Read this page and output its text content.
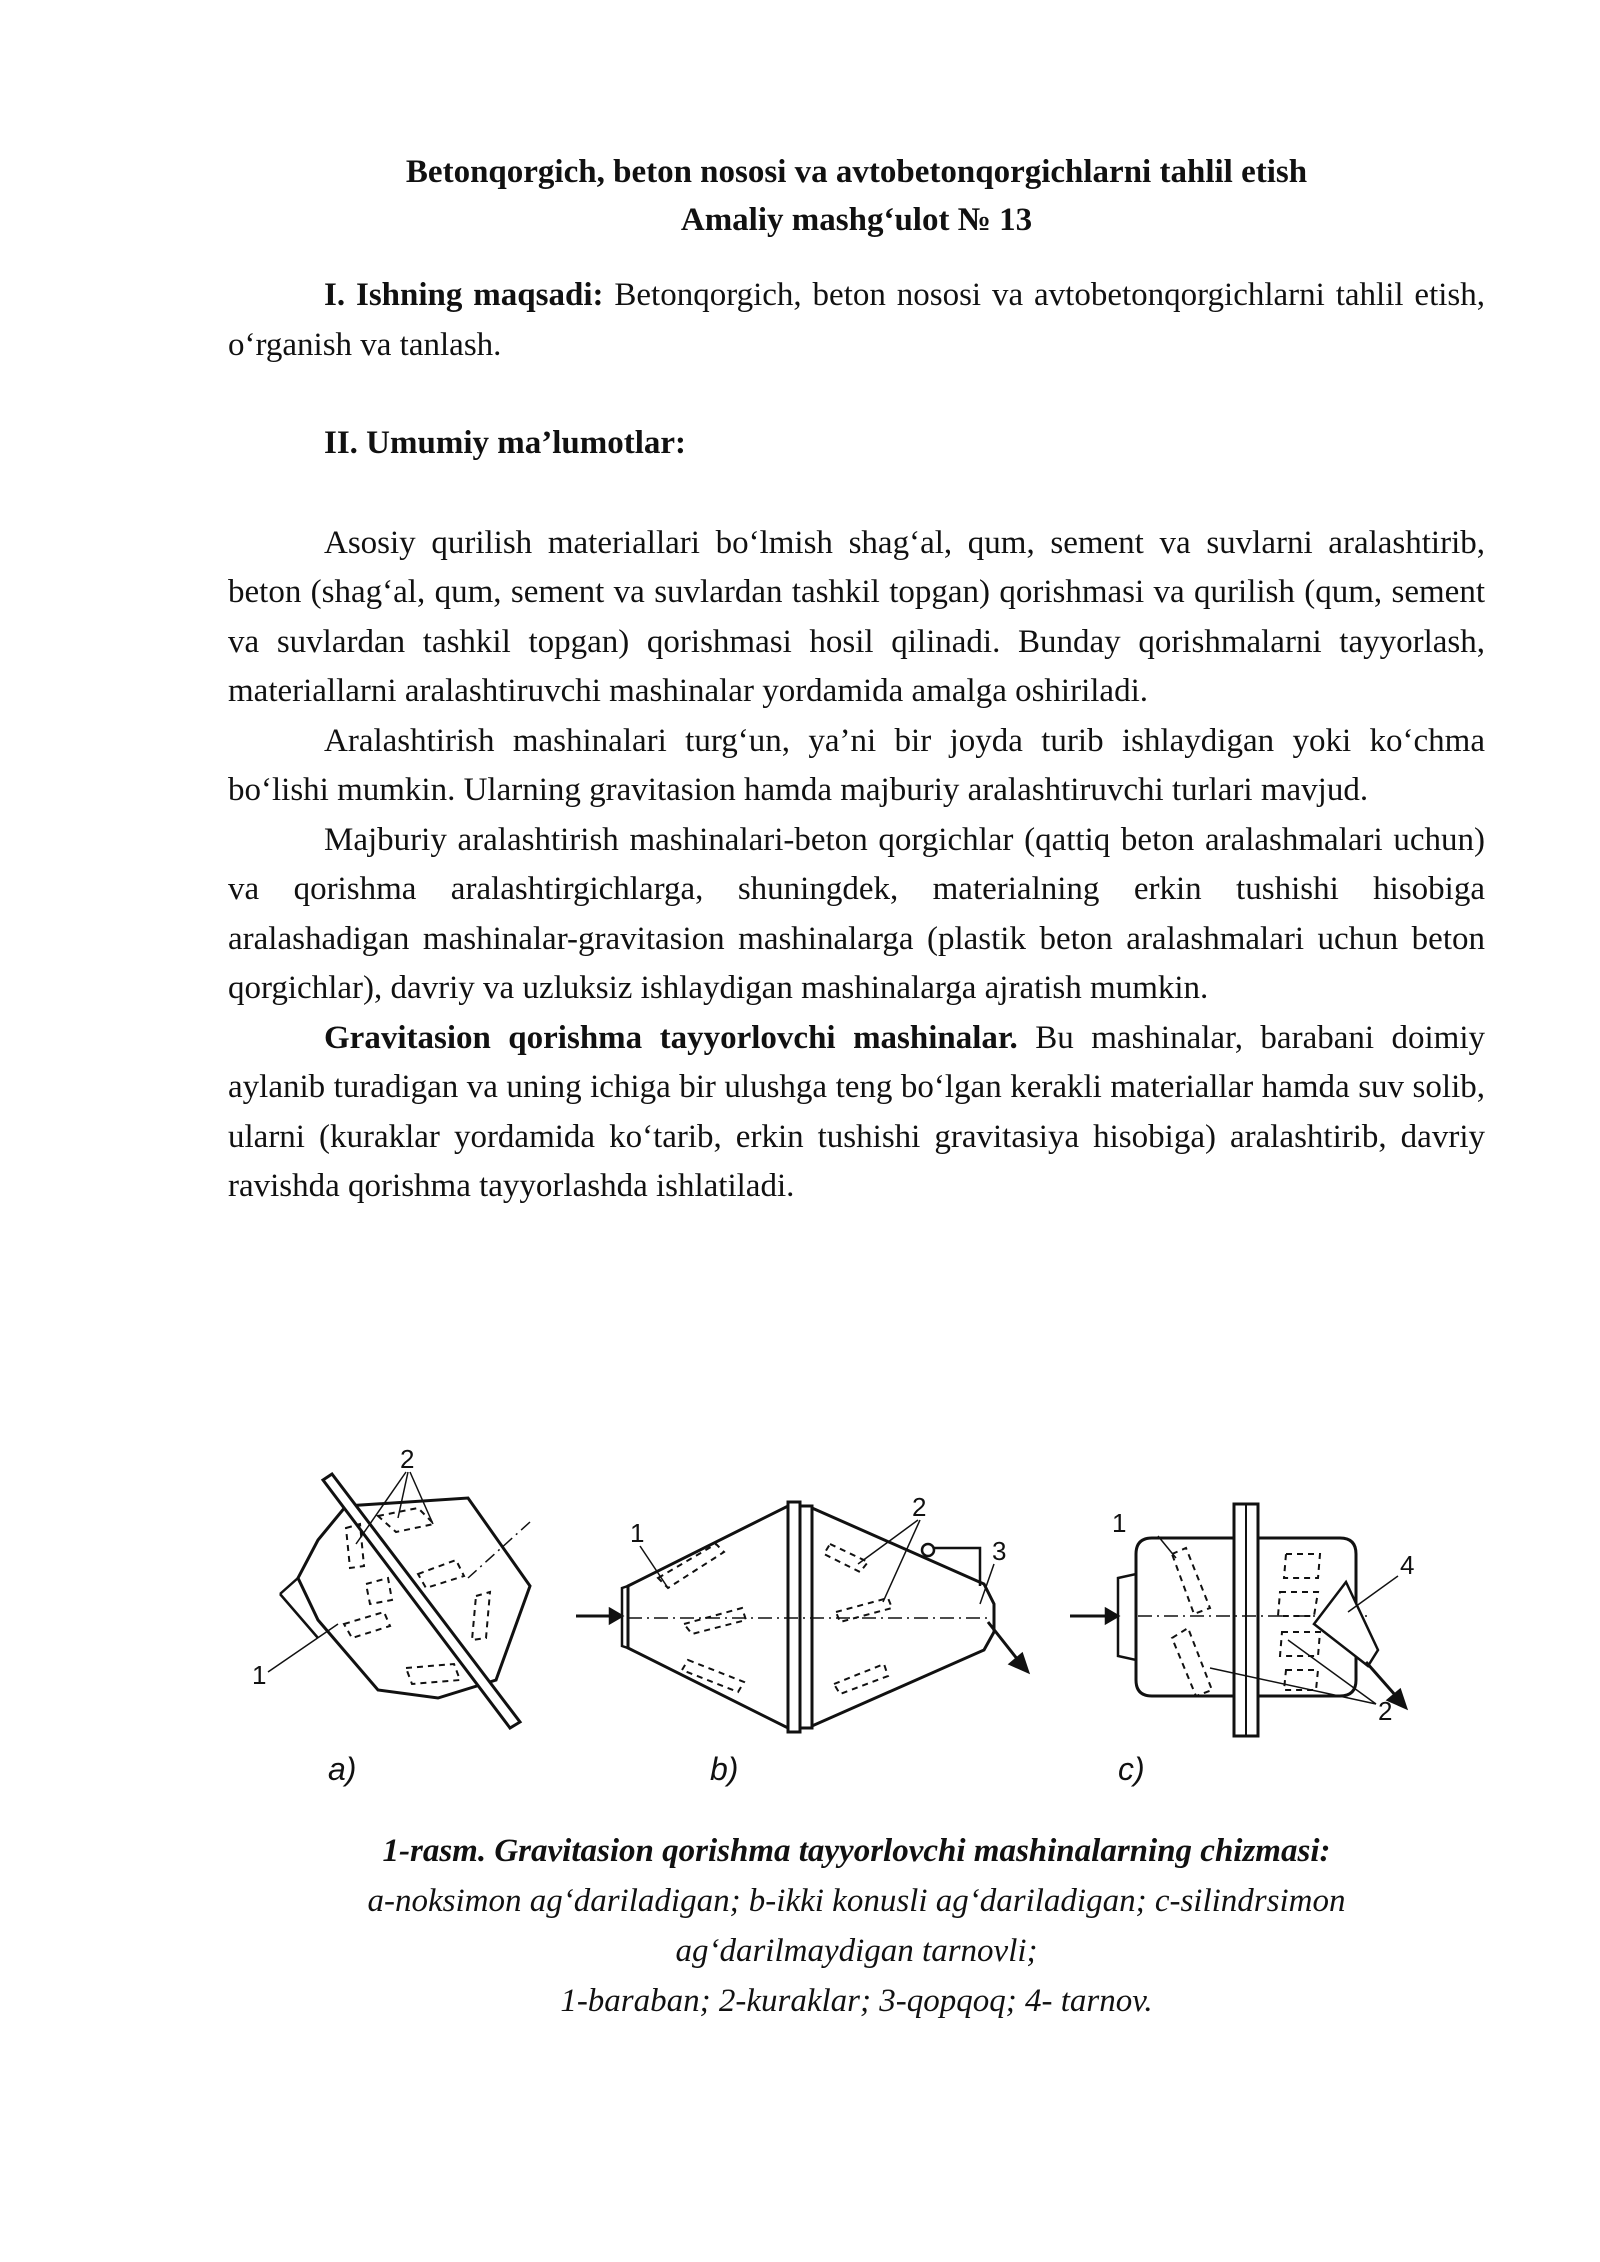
Betonqorgich, beton nososi va avtobetonqorgichlarni tahlil etish
Amaliy mashg‘ulot № 13

I. Ishning maqsadi: Betonqorgich, beton nososi va avtobetonqorgichlarni tahlil etish, o‘rganish va tanlash.

II. Umumiy ma’lumotlar:

Asosiy qurilish materiallari bo‘lmish shag‘al, qum, sement va suvlarni aralashtirib, beton (shag‘al, qum, sement va suvlardan tashkil topgan) qorishmasi va qurilish (qum, sement va suvlardan tashkil topgan) qorishmasi hosil qilinadi. Bunday qorishmalarni tayyorlash, materiallarni aralashtiruvchi mashinalar yordamida amalga oshiriladi.

Aralashtirish mashinalari turg‘un, ya’ni bir joyda turib ishlaydigan yoki ko‘chma bo‘lishi mumkin. Ularning gravitasion hamda majburiy aralashtiruvchi turlari mavjud.

Majburiy aralashtirish mashinalari-beton qorgichlar (qattiq beton aralashmalari uchun) va qorishma aralashtirgichlarga, shuningdek, materialning erkin tushishi hisobiga aralashadigan mashinalar-gravitasion mashinalarga (plastik beton aralashmalari uchun beton qorgichlar), davriy va uzluksiz ishlaydigan mashinalarga ajratish mumkin.

Gravitasion qorishma tayyorlovchi mashinalar. Bu mashinalar, barabani doimiy aylanib turadigan va uning ichiga bir ulushga teng bo‘lgan kerakli materiallar hamda suv solib, ularni (kuraklar yordamida ko‘tarib, erkin tushishi gravitasiya hisobiga) aralashtirib, davriy ravishda qorishma tayyorlashda ishlatiladi.

1
2
1
2
3
1
4
2
a)	b)	c)
1-rasm. Gravitasion qorishma tayyorlovchi mashinalarning chizmasi:
a-noksimon ag‘dariladigan; b-ikki konusli ag‘dariladigan; c-silindrsimon
ag‘darilmaydigan tarnovli;
1-baraban; 2-kuraklar; 3-qopqoq; 4- tarnov.
